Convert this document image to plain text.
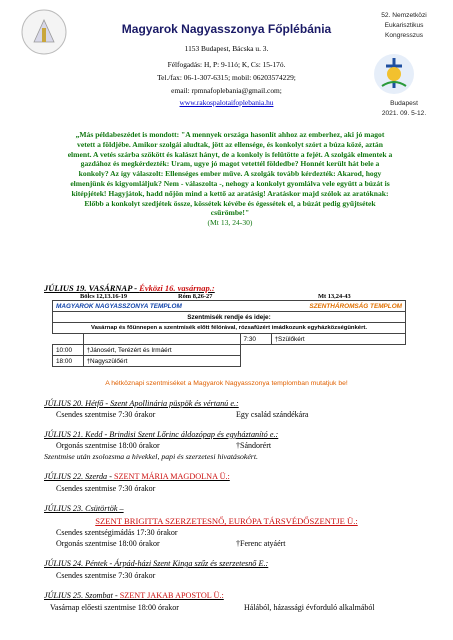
Magyarok Nagyasszonya Főplébánia
1153 Budapest, Bácska u. 3.
Félfogadás: H, P: 9-11ó; K, Cs: 15-17ó.
Tel./fax: 06-1-307-6315; mobil: 06203574229;
email: rpmnafoplebania@gmail.com;
www.rakospalotaifoplebania.hu
52. Nemzetközi
Eukarisztikus
Kongresszus
Budapest
2021. 09. 5-12.
„Más példabeszédet is mondott: "A mennyek országa hasonlít ahhoz az emberhez, aki jó magot vetett a földjébe. Amikor szolgái aludtak, jött az ellensége, és konkolyt szórt a búza közé, aztán elment. A vetés szárba szökött és kalászt hányt, de a konkoly is felütötte a fejét. A szolgák elmentek a gazdához és megkérdezték: Uram, ugye jó magot vetettél földedbe? Honnét került hát bele a konkoly? Az így válaszolt: Ellenséges ember műve. A szolgák tovább kérdezték: Akarod, hogy elmenjünk és kigyomláljuk? Nem - válaszolta -, nehogy a konkolyt gyomlálva vele együtt a búzát is kitépjétek! Hagyjátok, hadd nőjön mind a kettő az aratásig! Aratáskor majd szólok az aratóknak: Előbb a konkolyt szedjétek össze, kössétek kévébe és égessétek el, a búzát pedig gyűjtsétek csűrömbe!"
(Mt 13, 24-30)
JÚLIUS 19. VASÁRNAP - Évközi 16. vasárnap.:
Bölcs 12,13.16-19	Róm 8,26-27	Mt 13,24-43
MAGYAROK NAGYASSZONYA TEMPLOM		SZENTHÁROMSÁG TEMPLOM	
Szentmisék rendje és ideje:			
Vasárnap és főünnepen a szentmisék előtt félórával, rózsafüzért imádkozunk egyházközségünkért.			
		7:30	†Szülőkért
10:00	†Jánosért, Terézért és Irmáért		
18:00	†Nagyszülőért		
A hétköznapi szentmiséket a Magyarok Nagyasszonya templomban mutatjuk be!
JÚLIUS 20. Hétfő - Szent Apollinária püspök és vértanú e.:
Csendes szentmise 7:30 órakor	Egy család szándékára
JÚLIUS 21. Kedd - Brindisi Szent Lőrinc áldozópap és egyháztanító e.:
Orgonás szentmise 18:00 órakor	†Sándorért
Szentmise után zsolozsma a hívekkel, papi és szerzetesi hivatásokért.
JÚLIUS 22. Szerda - SZENT MÁRIA MAGDOLNA Ü.:
Csendes szentmise 7:30 órakor
JÚLIUS 23. Csütörtök –
SZENT BRIGITTA SZERZETESNŐ, EURÓPA TÁRSVÉDŐSZENTJE Ü.:
Csendes szentségimádás 17:30 órakor
Orgonás szentmise 18:00 órakor	†Ferenc atyáért
JÚLIUS 24. Péntek - Árpád-házi Szent Kinga szűz és szerzetesnő E.:
Csendes szentmise 7:30 órakor
JÚLIUS 25. Szombat - SZENT JAKAB APOSTOL Ü.:
Vasárnap előesti szentmise 18:00 órakor	Hálából, házassági évforduló alkalmából
